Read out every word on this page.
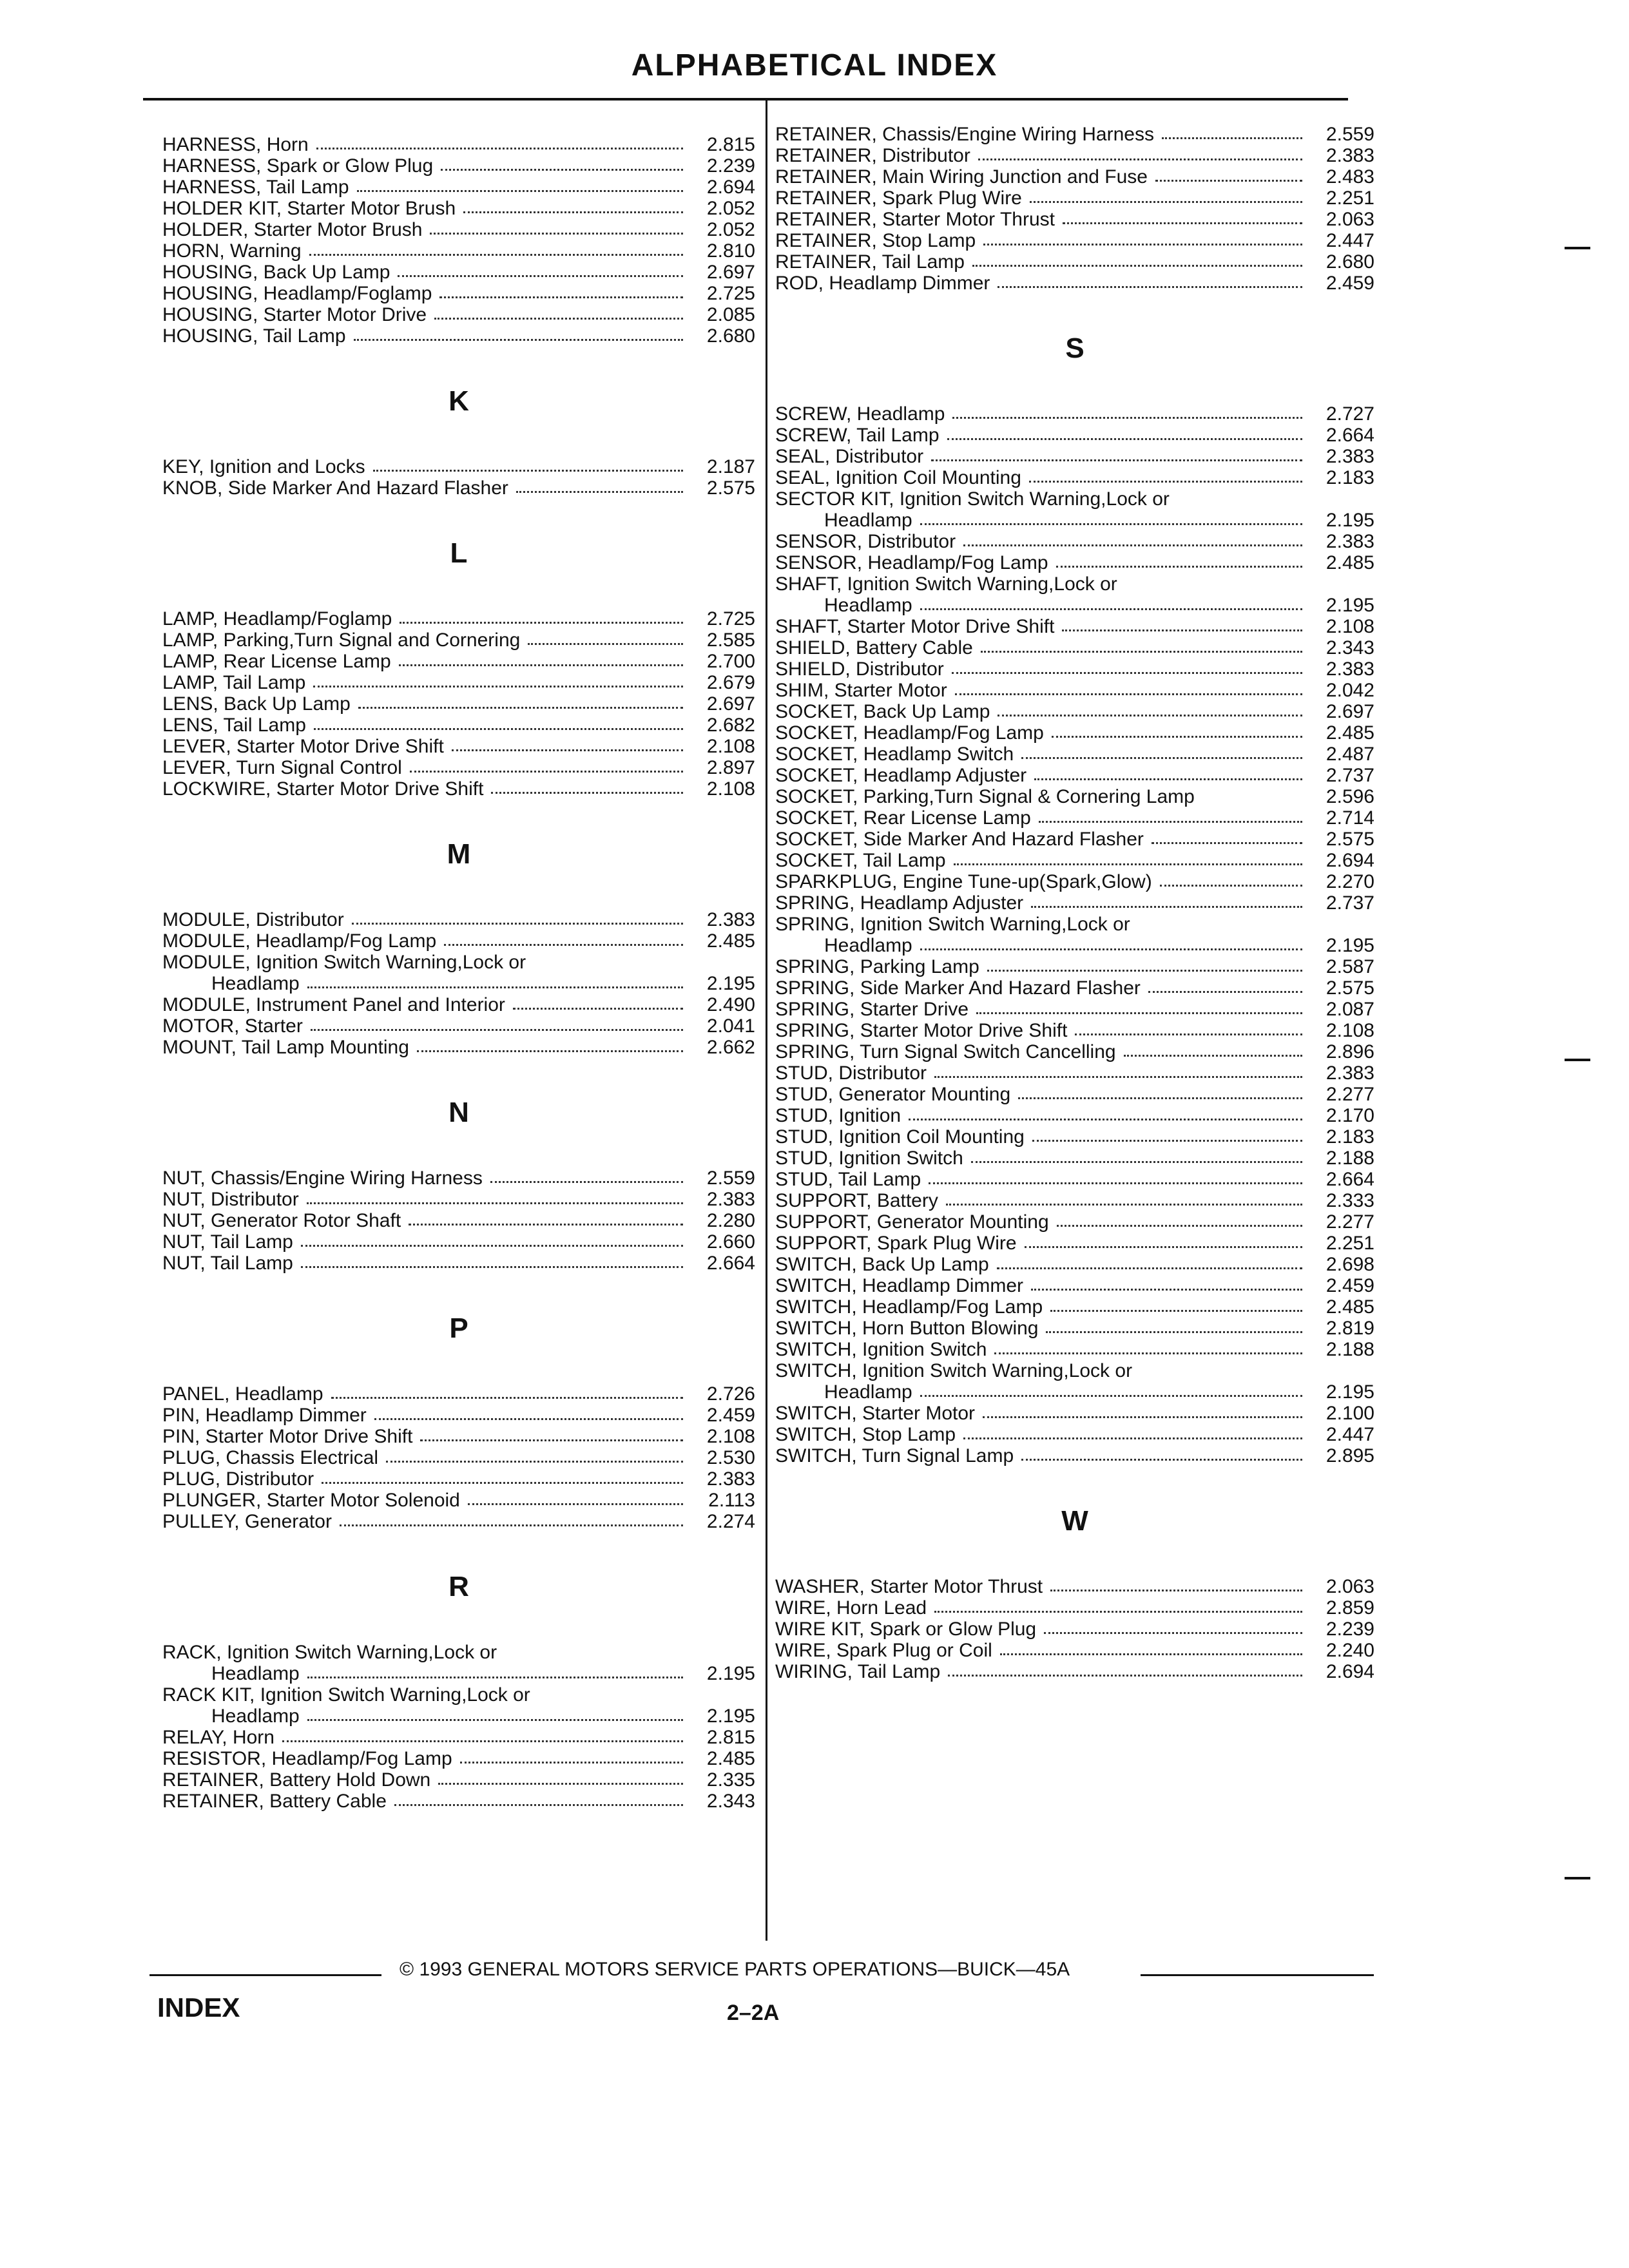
ALPHABETICAL INDEX
HARNESS, Horn	2.815
HARNESS, Spark or Glow Plug	2.239
HARNESS, Tail Lamp	2.694
HOLDER KIT, Starter Motor Brush	2.052
HOLDER, Starter Motor Brush	2.052
HORN, Warning	2.810
HOUSING, Back Up Lamp	2.697
HOUSING, Headlamp/Foglamp	2.725
HOUSING, Starter Motor Drive	2.085
HOUSING, Tail Lamp	2.680
K
KEY, Ignition and Locks	2.187
KNOB, Side Marker And Hazard Flasher	2.575
L
LAMP, Headlamp/Foglamp	2.725
LAMP, Parking,Turn Signal and Cornering	2.585
LAMP, Rear License Lamp	2.700
LAMP, Tail Lamp	2.679
LENS, Back Up Lamp	2.697
LENS, Tail Lamp	2.682
LEVER, Starter Motor Drive Shift	2.108
LEVER, Turn Signal Control	2.897
LOCKWIRE, Starter Motor Drive Shift	2.108
M
MODULE, Distributor	2.383
MODULE, Headlamp/Fog Lamp	2.485
MODULE, Ignition Switch Warning,Lock or
Headlamp	2.195
MODULE, Instrument Panel and Interior	2.490
MOTOR, Starter	2.041
MOUNT, Tail Lamp Mounting	2.662
N
NUT, Chassis/Engine Wiring Harness	2.559
NUT, Distributor	2.383
NUT, Generator Rotor Shaft	2.280
NUT, Tail Lamp	2.660
NUT, Tail Lamp	2.664
P
PANEL, Headlamp	2.726
PIN, Headlamp Dimmer	2.459
PIN, Starter Motor Drive Shift	2.108
PLUG, Chassis Electrical	2.530
PLUG, Distributor	2.383
PLUNGER, Starter Motor Solenoid	2.113
PULLEY, Generator	2.274
R
RACK, Ignition Switch Warning,Lock or
Headlamp	2.195
RACK KIT, Ignition Switch Warning,Lock or
Headlamp	2.195
RELAY, Horn	2.815
RESISTOR, Headlamp/Fog Lamp	2.485
RETAINER, Battery Hold Down	2.335
RETAINER, Battery Cable	2.343
RETAINER, Chassis/Engine Wiring Harness	2.559
RETAINER, Distributor	2.383
RETAINER, Main Wiring Junction and Fuse	2.483
RETAINER, Spark Plug Wire	2.251
RETAINER, Starter Motor Thrust	2.063
RETAINER, Stop Lamp	2.447
RETAINER, Tail Lamp	2.680
ROD, Headlamp Dimmer	2.459
S
SCREW, Headlamp	2.727
SCREW, Tail Lamp	2.664
SEAL, Distributor	2.383
SEAL, Ignition Coil Mounting	2.183
SECTOR KIT, Ignition Switch Warning,Lock or
Headlamp	2.195
SENSOR, Distributor	2.383
SENSOR, Headlamp/Fog Lamp	2.485
SHAFT, Ignition Switch Warning,Lock or
Headlamp	2.195
SHAFT, Starter Motor Drive Shift	2.108
SHIELD, Battery Cable	2.343
SHIELD, Distributor	2.383
SHIM, Starter Motor	2.042
SOCKET, Back Up Lamp	2.697
SOCKET, Headlamp/Fog Lamp	2.485
SOCKET, Headlamp Switch	2.487
SOCKET, Headlamp Adjuster	2.737
SOCKET, Parking,Turn Signal & Cornering Lamp	2.596
SOCKET, Rear License Lamp	2.714
SOCKET, Side Marker And Hazard Flasher	2.575
SOCKET, Tail Lamp	2.694
SPARKPLUG, Engine Tune-up(Spark,Glow)	2.270
SPRING, Headlamp Adjuster	2.737
SPRING, Ignition Switch Warning,Lock or
Headlamp	2.195
SPRING, Parking Lamp	2.587
SPRING, Side Marker And Hazard Flasher	2.575
SPRING, Starter Drive	2.087
SPRING, Starter Motor Drive Shift	2.108
SPRING, Turn Signal Switch Cancelling	2.896
STUD, Distributor	2.383
STUD, Generator Mounting	2.277
STUD, Ignition	2.170
STUD, Ignition Coil Mounting	2.183
STUD, Ignition Switch	2.188
STUD, Tail Lamp	2.664
SUPPORT, Battery	2.333
SUPPORT, Generator Mounting	2.277
SUPPORT, Spark Plug Wire	2.251
SWITCH, Back Up Lamp	2.698
SWITCH, Headlamp Dimmer	2.459
SWITCH, Headlamp/Fog Lamp	2.485
SWITCH, Horn Button Blowing	2.819
SWITCH, Ignition Switch	2.188
SWITCH, Ignition Switch Warning,Lock or
Headlamp	2.195
SWITCH, Starter Motor	2.100
SWITCH, Stop Lamp	2.447
SWITCH, Turn Signal Lamp	2.895
W
WASHER, Starter Motor Thrust	2.063
WIRE, Horn Lead	2.859
WIRE KIT, Spark or Glow Plug	2.239
WIRE, Spark Plug or Coil	2.240
WIRING, Tail Lamp	2.694
© 1993 GENERAL MOTORS SERVICE PARTS OPERATIONS—BUICK—45A
INDEX	2–2A
